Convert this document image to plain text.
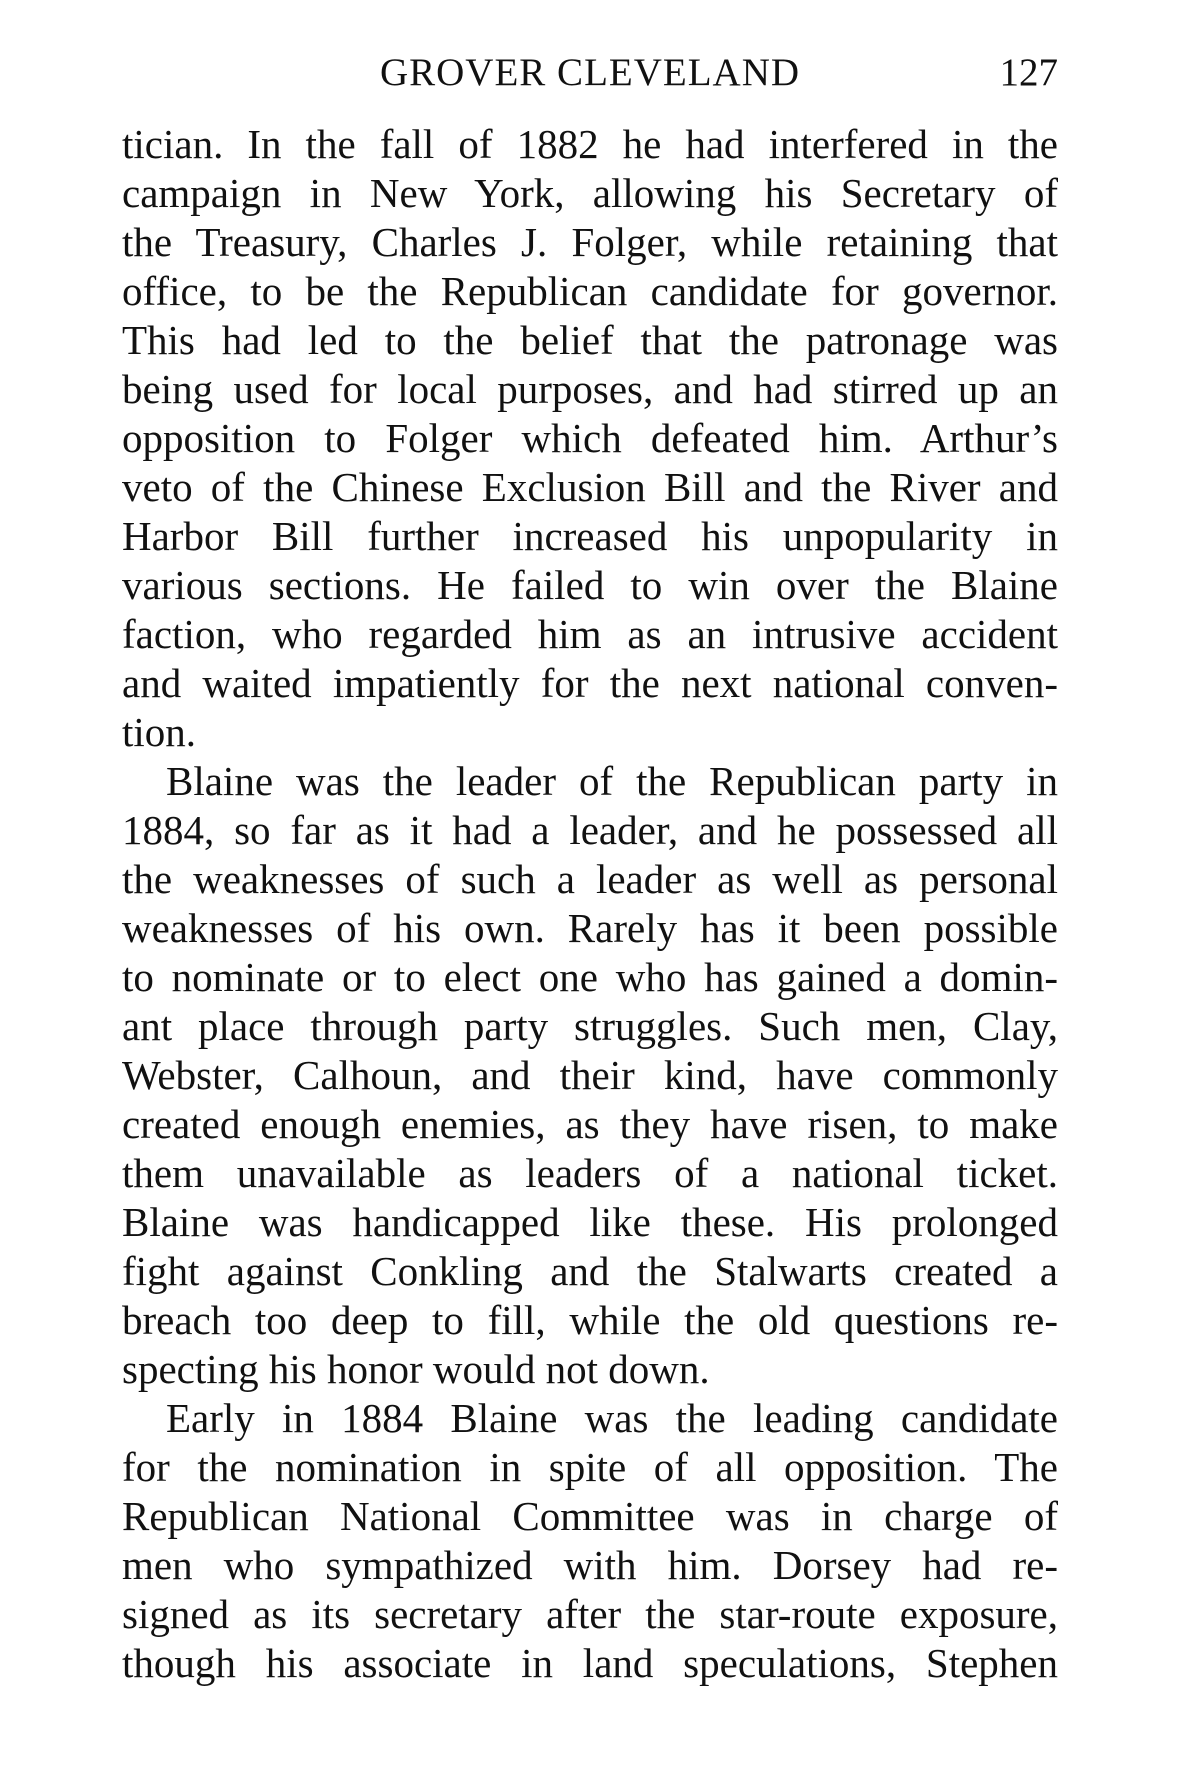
GROVER CLEVELAND	127

tician. In the fall of 1882 he had interfered in the
campaign in New York, allowing his Secretary of
the Treasury, Charles J. Folger, while retaining that
office, to be the Republican candidate for governor.
This had led to the belief that the patronage was
being used for local purposes, and had stirred up an
opposition to Folger which defeated him. Arthur’s
veto of the Chinese Exclusion Bill and the River and
Harbor Bill further increased his unpopularity in
various sections. He failed to win over the Blaine
faction, who regarded him as an intrusive accident
and waited impatiently for the next national conven-
tion.

Blaine was the leader of the Republican party in
1884, so far as it had a leader, and he possessed all
the weaknesses of such a leader as well as personal
weaknesses of his own. Rarely has it been possible
to nominate or to elect one who has gained a domin-
ant place through party struggles. Such men, Clay,
Webster, Calhoun, and their kind, have commonly
created enough enemies, as they have risen, to make
them unavailable as leaders of a national ticket.
Blaine was handicapped like these. His prolonged
fight against Conkling and the Stalwarts created a
breach too deep to fill, while the old questions re-
specting his honor would not down.

Early in 1884 Blaine was the leading candidate
for the nomination in spite of all opposition. The
Republican National Committee was in charge of
men who sympathized with him. Dorsey had re-
signed as its secretary after the star-route exposure,
though his associate in land speculations, Stephen
